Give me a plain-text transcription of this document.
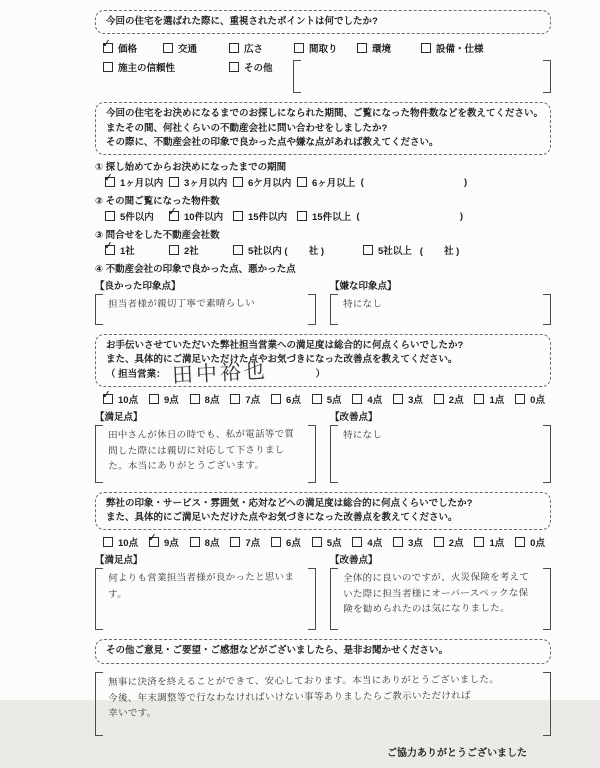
今回の住宅を選ばれた際に、重視されたポイントは何でしたか?
✓
価格	交通	広さ	間取り	環境	設備・仕様
施主の信頼性	その他
今回の住宅をお決めになるまでのお探しになられた期間、ご覧になった物件数などを教えてください。
またその間、何社くらいの不動産会社に問い合わせをしましたか?
その際に、不動産会社の印象で良かった点や嫌な点があれば教えてください。
① 探し始めてからお決めになったまでの期間
✓
1ヶ月以内 3ヶ月以内 6ケ月以内 6ヶ月以上 (                                      )
② その間ご覧になった物件数
5件以内 ✓	10件以内	15件以内	15件以上 (                                      )
③ 問合せをした不動産会社数
✓
1社	2社	5社以内 (        社 )	5社以上 (        社 )
④ 不動産会社の印象で良かった点、悪かった点
【良かった印象点】
担当者様が親切丁寧で素晴らしい
【嫌な印象点】
特になし
お手伝いさせていただいた弊社担当営業への満足度は総合的に何点くらいでしたか?
また、具体的にご満足いただけた点やお気づきになった改善点を教えてください。
（ 担当営業： 田中裕也	）
✓
10点	9点	8点	7点	6点	5点	4点	3点	2点	1点	0点
【満足点】
田中さんが休日の時でも、私が電話等で質問した際には親切に対応して下さりました。本当にありがとうございます。
【改善点】
特になし
弊社の印象・サービス・雰囲気・応対などへの満足度は総合的に何点くらいでしたか?
また、具体的にご満足いただけた点やお気づきになった改善点を教えてください。
10点 ✓	9点	8点	7点	6点	5点	4点	3点	2点	1点	0点
【満足点】
何よりも営業担当者様が良かったと思います。
【改善点】
全体的に良いのですが、火災保険を考えていた際に担当者様にオーバースペックな保険を勧められたのは気になりました。
その他ご意見・ご要望・ご感想などがございましたら、是非お聞かせください。
無事に決済を終えることができて、安心しております。本当にありがとうございました。
今後、年末調整等で行なわなければいけない事等ありましたらご教示いただければ
幸いです。
ご協力ありがとうございました
